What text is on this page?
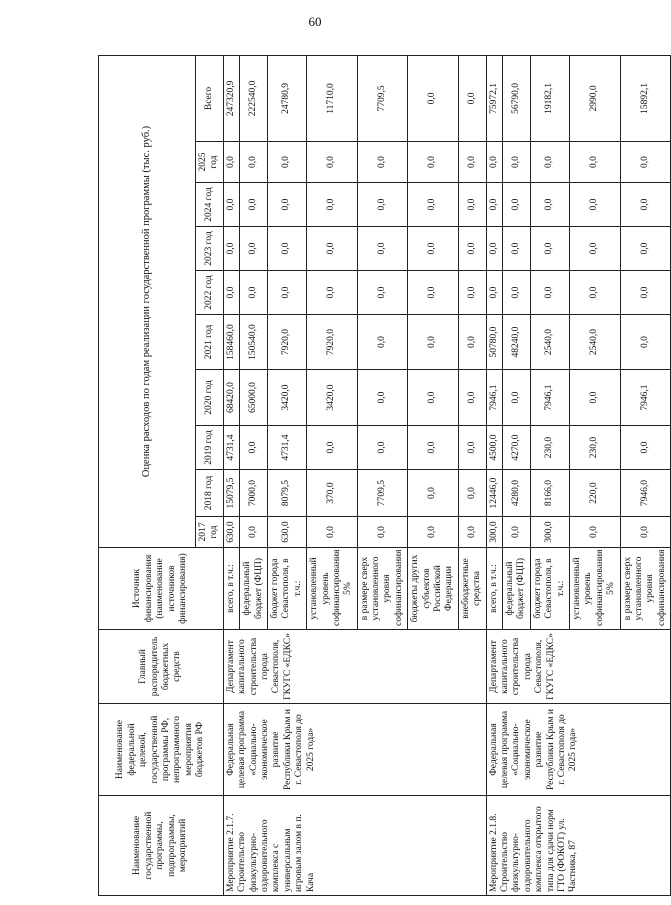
60
Наименование государственной программы, подпрограммы, мероприятий	Наименование федеральной целевой, государственной программы РФ, непрограммного мероприятия бюджетов РФ	Главный распорядитель бюджетных средств	Источник финансирования (наименование источников финансирования)	Оценка расходов по годам реализации государственной программы (тыс. руб.)									
				2017 год	2018 год	2019 год	2020 год	2021 год	2022 год	2023 год	2024 год	2025 год	Всего
Мероприятие 2.1.7. Строительство физкультурно-оздоровительного комплекса с универсальным игровым залом в п. Кача	Федеральная целевая программа «Социально-экономическое развитие Республики Крым и г. Севастополя до 2025 года»	Департамент капитального строительства города Севастополя, ГКУГС «ЕДКС»	всего, в т.ч.:	630,0	15079,5	4731,4	68420,0	158460,0	0,0	0,0	0,0	0,0	247320,9
			федеральный бюджет (ФЦП)	0,0	7000,0	0,0	65000,0	150540,0	0,0	0,0	0,0	0,0	222540,0
			бюджет города Севастополя, в т.ч.:	630,0	8079,5	4731,4	3420,0	7920,0	0,0	0,0	0,0	0,0	24780,9
			установленный уровень софинансирования 5%	0,0	370,0	0,0	3420,0	7920,0	0,0	0,0	0,0	0,0	11710,0
			в размере сверх установленного уровня софинансирования	0,0	7709,5	0,0	0,0	0,0	0,0	0,0	0,0	0,0	7709,5
			бюджеты других субъектов Российской Федерации	0,0	0,0	0,0	0,0	0,0	0,0	0,0	0,0	0,0	0,0
			внебюджетные средства	0,0	0,0	0,0	0,0	0,0	0,0	0,0	0,0	0,0	0,0
Мероприятие 2.1.8. Строительство физкультурно-оздоровительного комплекса открытого типа для сдачи норм ГТО (ФОКОТ) ул. Частника, 87	Федеральная целевая программа «Социально-экономическое развитие Республики Крым и г. Севастополя до 2025 года»	Департамент капитального строительства города Севастополя, ГКУГС «ЕДКС»	всего, в т.ч.:	300,0	12446,0	4500,0	7946,1	50780,0	0,0	0,0	0,0	0,0	75972,1
			федеральный бюджет (ФЦП)	0,0	4280,0	4270,0	0,0	48240,0	0,0	0,0	0,0	0,0	56790,0
			бюджет города Севастополя, в т.ч.:	300,0	8166,0	230,0	7946,1	2540,0	0,0	0,0	0,0	0,0	19182,1
			установленный уровень софинансирования 5%	0,0	220,0	230,0	0,0	2540,0	0,0	0,0	0,0	0,0	2990,0
			в размере сверх установленного уровня софинансирования	0,0	7946,0	0,0	7946,1	0,0	0,0	0,0	0,0	0,0	15892,1
